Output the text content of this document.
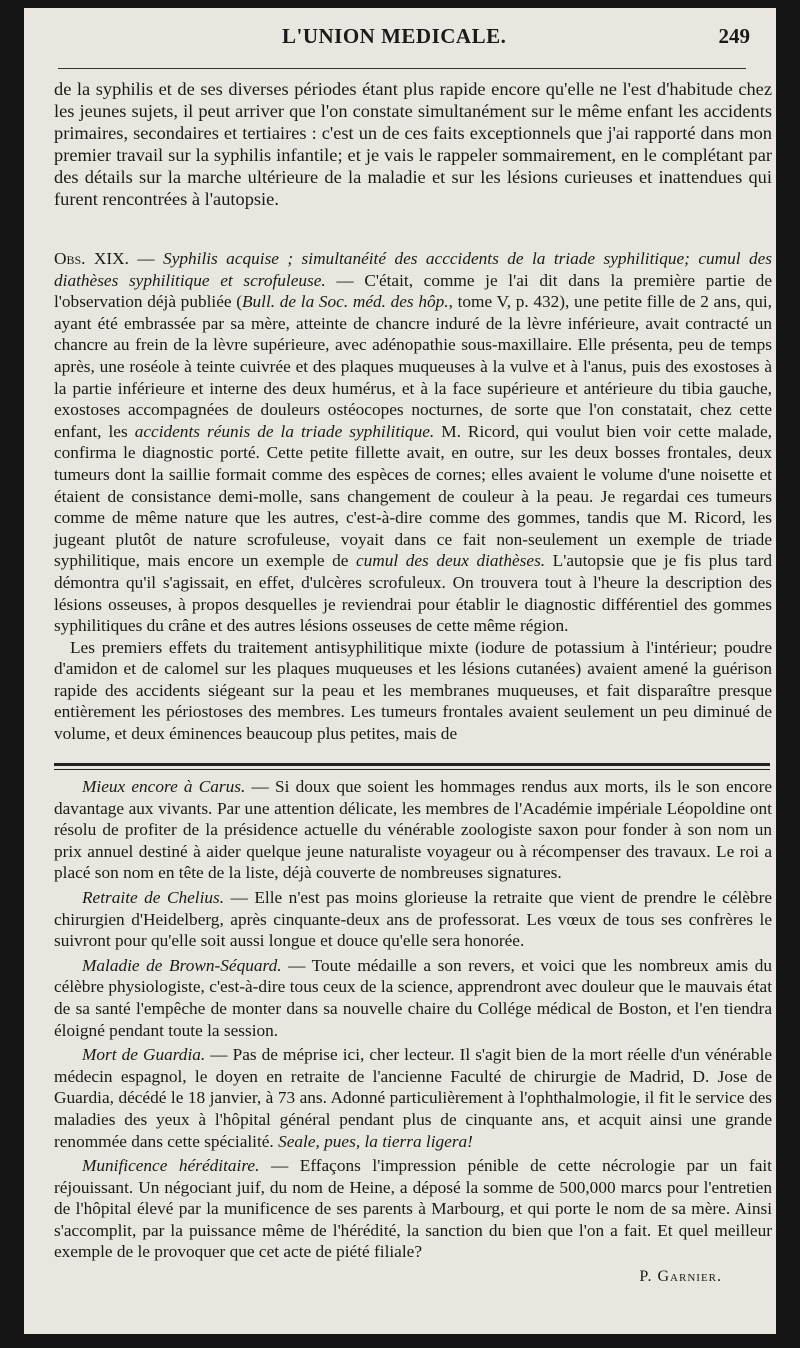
L'UNION MEDICALE.	249

de la syphilis et de ses diverses périodes étant plus rapide encore qu'elle ne l'est d'habitude chez les jeunes sujets, il peut arriver que l'on constate simultanément sur le même enfant les accidents primaires, secondaires et tertiaires : c'est un de ces faits exceptionnels que j'ai rapporté dans mon premier travail sur la syphilis infantile; et je vais le rappeler sommairement, en le complétant par des détails sur la marche ultérieure de la maladie et sur les lésions curieuses et inattendues qui furent rencontrées à l'autopsie.

Obs. XIX. — Syphilis acquise ; simultanéité des acccidents de la triade syphilitique; cumul des diathèses syphilitique et scrofuleuse. — C'était, comme je l'ai dit dans la première partie de l'observation déjà publiée (Bull. de la Soc. méd. des hôp., tome V, p. 432), une petite fille de 2 ans, qui, ayant été embrassée par sa mère, atteinte de chancre induré de la lèvre inférieure, avait contracté un chancre au frein de la lèvre supérieure, avec adénopathie sous-maxillaire. Elle présenta, peu de temps après, une roséole à teinte cuivrée et des plaques muqueuses à la vulve et à l'anus, puis des exostoses à la partie inférieure et interne des deux humérus, et à la face supérieure et antérieure du tibia gauche, exostoses accompagnées de douleurs ostéocopes nocturnes, de sorte que l'on constatait, chez cette enfant, les accidents réunis de la triade syphilitique. M. Ricord, qui voulut bien voir cette malade, confirma le diagnostic porté. Cette petite fillette avait, en outre, sur les deux bosses frontales, deux tumeurs dont la saillie formait comme des espèces de cornes; elles avaient le volume d'une noisette et étaient de consistance demi-molle, sans changement de couleur à la peau. Je regardai ces tumeurs comme de même nature que les autres, c'est-à-dire comme des gommes, tandis que M. Ricord, les jugeant plutôt de nature scrofuleuse, voyait dans ce fait non-seulement un exemple de triade syphilitique, mais encore un exemple de cumul des deux diathèses. L'autopsie que je fis plus tard démontra qu'il s'agissait, en effet, d'ulcères scrofuleux. On trouvera tout à l'heure la description des lésions osseuses, à propos desquelles je reviendrai pour établir le diagnostic différentiel des gommes syphilitiques du crâne et des autres lésions osseuses de cette même région.

Les premiers effets du traitement antisyphilitique mixte (iodure de potassium à l'intérieur; poudre d'amidon et de calomel sur les plaques muqueuses et les lésions cutanées) avaient amené la guérison rapide des accidents siégeant sur la peau et les membranes muqueuses, et fait disparaître presque entièrement les périostoses des membres. Les tumeurs frontales avaient seulement un peu diminué de volume, et deux éminences beaucoup plus petites, mais de

Mieux encore à Carus. — Si doux que soient les hommages rendus aux morts, ils le son encore davantage aux vivants. Par une attention délicate, les membres de l'Académie impériale Léopoldine ont résolu de profiter de la présidence actuelle du vénérable zoologiste saxon pour fonder à son nom un prix annuel destiné à aider quelque jeune naturaliste voyageur ou à récompenser des travaux. Le roi a placé son nom en tête de la liste, déjà couverte de nombreuses signatures.

Retraite de Chelius. — Elle n'est pas moins glorieuse la retraite que vient de prendre le célèbre chirurgien d'Heidelberg, après cinquante-deux ans de professorat. Les vœux de tous ses confrères le suivront pour qu'elle soit aussi longue et douce qu'elle sera honorée.

Maladie de Brown-Séquard. — Toute médaille a son revers, et voici que les nombreux amis du célèbre physiologiste, c'est-à-dire tous ceux de la science, apprendront avec douleur que le mauvais état de sa santé l'empêche de monter dans sa nouvelle chaire du Collége médical de Boston, et l'en tiendra éloigné pendant toute la session.

Mort de Guardia. — Pas de méprise ici, cher lecteur. Il s'agit bien de la mort réelle d'un vénérable médecin espagnol, le doyen en retraite de l'ancienne Faculté de chirurgie de Madrid, D. Jose de Guardia, décédé le 18 janvier, à 73 ans. Adonné particulièrement à l'ophthalmologie, il fit le service des maladies des yeux à l'hôpital général pendant plus de cinquante ans, et acquit ainsi une grande renommée dans cette spécialité. Seale, pues, la tierra ligera!

Munificence héréditaire. — Effaçons l'impression pénible de cette nécrologie par un fait réjouissant. Un négociant juif, du nom de Heine, a déposé la somme de 500,000 marcs pour l'entretien de l'hôpital élevé par la munificence de ses parents à Marbourg, et qui porte le nom de sa mère. Ainsi s'accomplit, par la puissance même de l'hérédité, la sanction du bien que l'on a fait. Et quel meilleur exemple de le provoquer que cet acte de piété filiale?

P. Garnier.
